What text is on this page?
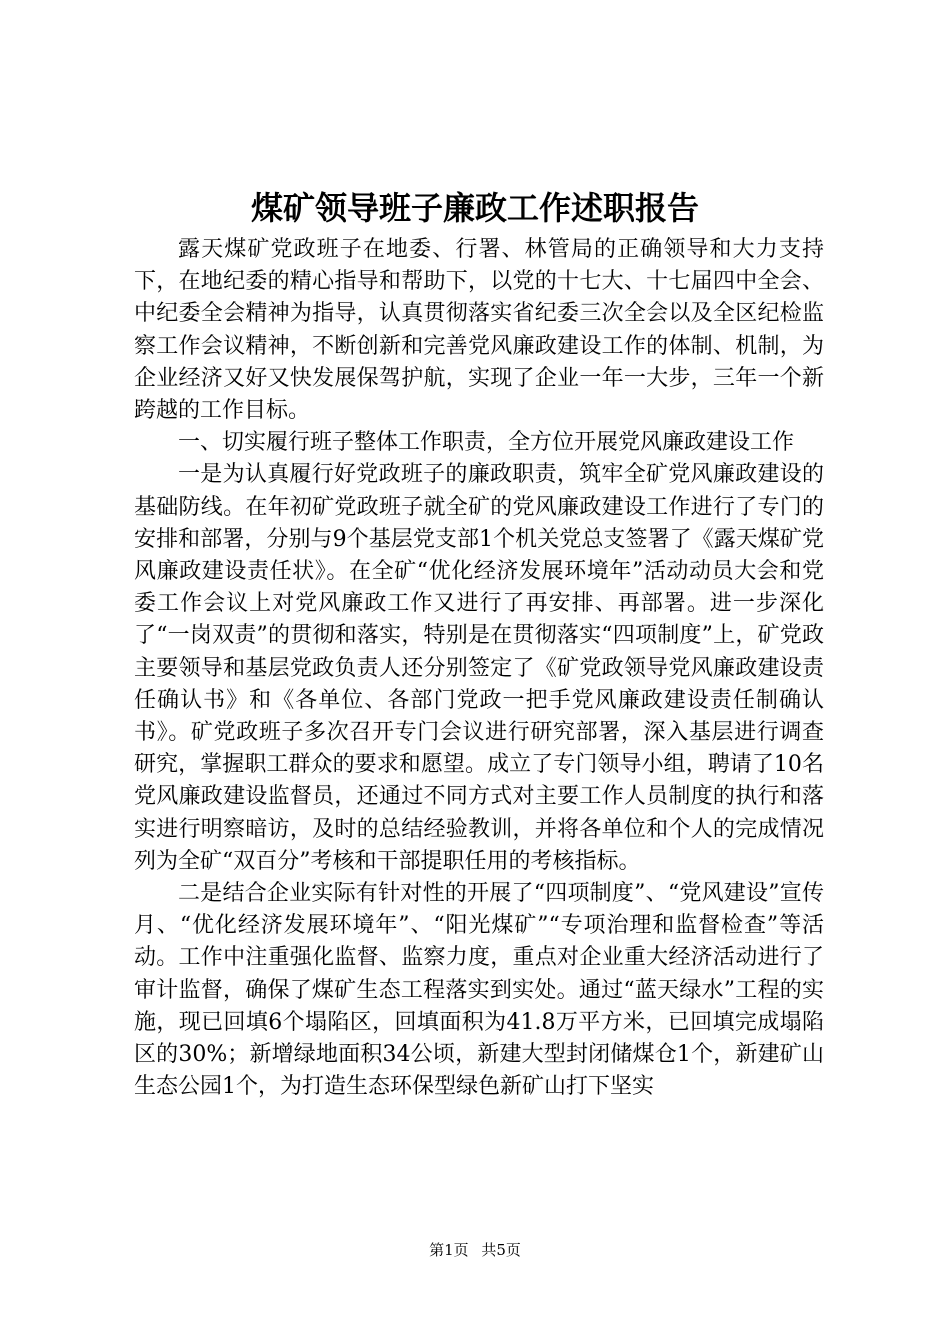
煤矿领导班子廉政工作述职报告

露天煤矿党政班子在地委、行署、林管局的正确领导和大力支持下，在地纪委的精心指导和帮助下，以党的十七大、十七届四中全会、中纪委全会精神为指导，认真贯彻落实省纪委三次全会以及全区纪检监察工作会议精神，不断创新和完善党风廉政建设工作的体制、机制，为企业经济又好又快发展保驾护航，实现了企业一年一大步，三年一个新跨越的工作目标。

一、切实履行班子整体工作职责，全方位开展党风廉政建设工作

一是为认真履行好党政班子的廉政职责，筑牢全矿党风廉政建设的基础防线。在年初矿党政班子就全矿的党风廉政建设工作进行了专门的安排和部署，分别与9个基层党支部1个机关党总支签署了《露天煤矿党风廉政建设责任状》。在全矿“优化经济发展环境年”活动动员大会和党委工作会议上对党风廉政工作又进行了再安排、再部署。进一步深化了“一岗双责”的贯彻和落实，特别是在贯彻落实“四项制度”上，矿党政主要领导和基层党政负责人还分别签定了《矿党政领导党风廉政建设责任确认书》和《各单位、各部门党政一把手党风廉政建设责任制确认书》。矿党政班子多次召开专门会议进行研究部署，深入基层进行调查研究，掌握职工群众的要求和愿望。成立了专门领导小组，聘请了10名党风廉政建设监督员，还通过不同方式对主要工作人员制度的执行和落实进行明察暗访，及时的总结经验教训，并将各单位和个人的完成情况列为全矿“双百分”考核和干部提职任用的考核指标。

二是结合企业实际有针对性的开展了“四项制度”、“党风建设”宣传月、“优化经济发展环境年”、“阳光煤矿”“专项治理和监督检查”等活动。工作中注重强化监督、监察力度，重点对企业重大经济活动进行了审计监督，确保了煤矿生态工程落实到实处。通过“蓝天绿水”工程的实施，现已回填6个塌陷区，回填面积为41.8万平方米，已回填完成塌陷区的30%；新增绿地面积34公顷，新建大型封闭储煤仓1个，新建矿山生态公园1个，为打造生态环保型绿色新矿山打下坚实

第1页 共5页
